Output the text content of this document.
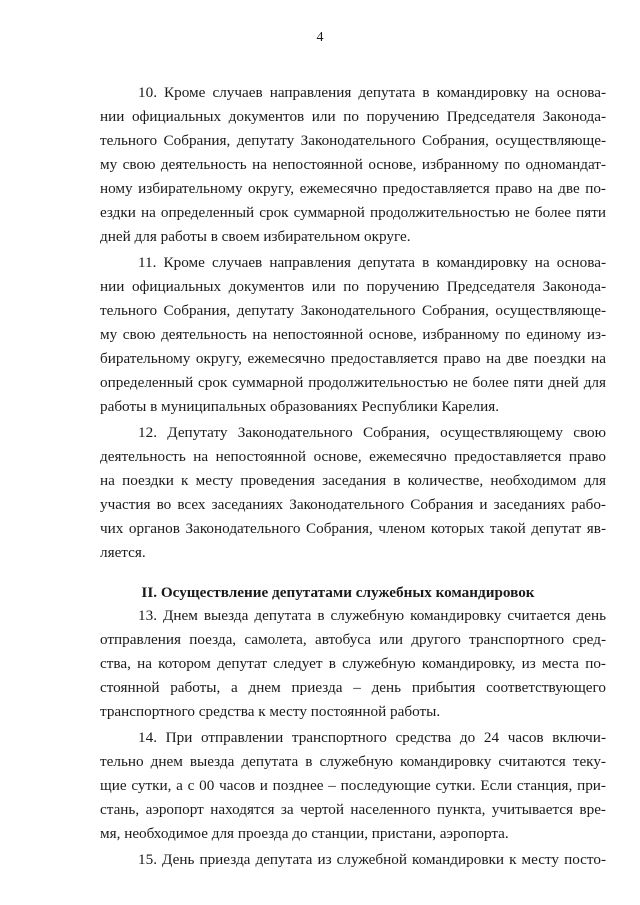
4
10. Кроме случаев направления депутата в командировку на основа-
нии официальных документов или по поручению Председателя Законода-
тельного Собрания, депутату Законодательного Собрания, осуществляюще-
му свою деятельность на непостоянной основе, избранному по одномандат-
ному избирательному округу, ежемесячно предоставляется право на две по-
ездки на определенный срок суммарной продолжительностью не более пяти
дней для работы в своем избирательном округе.
11. Кроме случаев направления депутата в командировку на основа-
нии официальных документов или по поручению Председателя Законода-
тельного Собрания, депутату Законодательного Собрания, осуществляюще-
му свою деятельность на непостоянной основе, избранному по единому из-
бирательному округу, ежемесячно предоставляется право на две поездки на
определенный срок суммарной продолжительностью не более пяти дней для
работы в муниципальных образованиях Республики Карелия.
12. Депутату Законодательного Собрания, осуществляющему свою
деятельность на непостоянной основе, ежемесячно предоставляется право
на поездки к месту проведения заседания в количестве, необходимом для
участия во всех заседаниях Законодательного Собрания и заседаниях рабо-
чих органов Законодательного Собрания, членом которых такой депутат яв-
ляется.
II. Осуществление депутатами служебных командировок
13. Днем выезда депутата в служебную командировку считается день
отправления поезда, самолета, автобуса или другого транспортного сред-
ства, на котором депутат следует в служебную командировку, из места по-
стоянной работы, а днем приезда – день прибытия соответствующего
транспортного средства к месту постоянной работы.
14. При отправлении транспортного средства до 24 часов включи-
тельно днем выезда депутата в служебную командировку считаются теку-
щие сутки, а с 00 часов и позднее – последующие сутки. Если станция, при-
стань, аэропорт находятся за чертой населенного пункта, учитывается вре-
мя, необходимое для проезда до станции, пристани, аэропорта.
15. День приезда депутата из служебной командировки к месту посто-
